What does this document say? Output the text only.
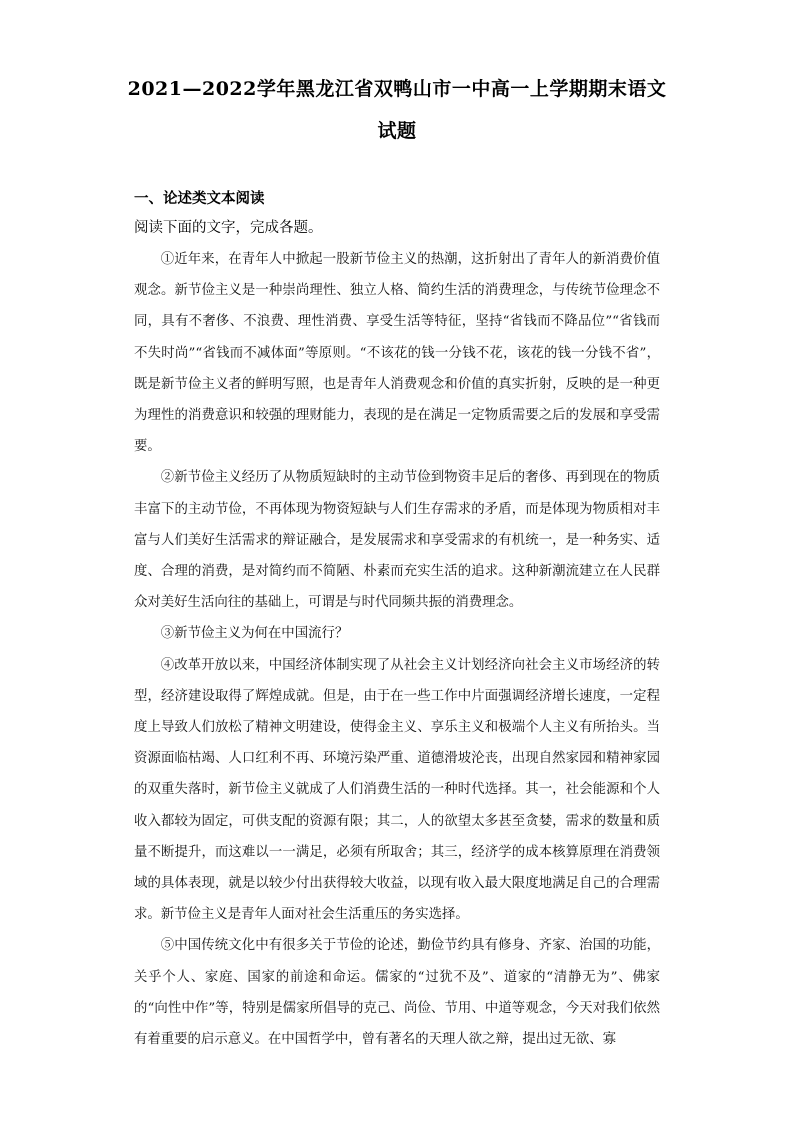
2021—2022学年黑龙江省双鸭山市一中高一上学期期末语文
试题
一、论述类文本阅读
阅读下面的文字，完成各题。

①近年来，在青年人中掀起一股新节俭主义的热潮，这折射出了青年人的新消费价值观念。新节俭主义是一种崇尚理性、独立人格、简约生活的消费理念，与传统节俭理念不同，具有不奢侈、不浪费、理性消费、享受生活等特征，坚持“省钱而不降品位”“省钱而不失时尚”“省钱而不减体面”等原则。“不该花的钱一分钱不花，该花的钱一分钱不省”，既是新节俭主义者的鲜明写照，也是青年人消费观念和价值的真实折射，反映的是一种更为理性的消费意识和较强的理财能力，表现的是在满足一定物质需要之后的发展和享受需要。

②新节俭主义经历了从物质短缺时的主动节俭到物资丰足后的奢侈、再到现在的物质丰富下的主动节俭，不再体现为物资短缺与人们生存需求的矛盾，而是体现为物质相对丰富与人们美好生活需求的辩证融合，是发展需求和享受需求的有机统一，是一种务实、适度、合理的消费，是对简约而不简陋、朴素而充实生活的追求。这种新潮流建立在人民群众对美好生活向往的基础上，可谓是与时代同频共振的消费理念。

③新节俭主义为何在中国流行？

④改革开放以来，中国经济体制实现了从社会主义计划经济向社会主义市场经济的转型，经济建设取得了辉煌成就。但是，由于在一些工作中片面强调经济增长速度，一定程度上导致人们放松了精神文明建设，使得金主义、享乐主义和极端个人主义有所抬头。当资源面临枯竭、人口红利不再、环境污染严重、道德滑坡沦丧，出现自然家园和精神家园的双重失落时，新节俭主义就成了人们消费生活的一种时代选择。其一，社会能源和个人收入都较为固定，可供支配的资源有限；其二，人的欲望太多甚至贪婪，需求的数量和质量不断提升，而这难以一一满足，必须有所取舍；其三，经济学的成本核算原理在消费领域的具体表现，就是以较少付出获得较大收益，以现有收入最大限度地满足自己的合理需求。新节俭主义是青年人面对社会生活重压的务实选择。

⑤中国传统文化中有很多关于节俭的论述，勤俭节约具有修身、齐家、治国的功能，关乎个人、家庭、国家的前途和命运。儒家的“过犹不及”、道家的“清静无为”、佛家的“向性中作”等，特别是儒家所倡导的克己、尚俭、节用、中道等观念，今天对我们依然有着重要的启示意义。在中国哲学中，曾有著名的天理人欲之辩，提出过无欲、寡
